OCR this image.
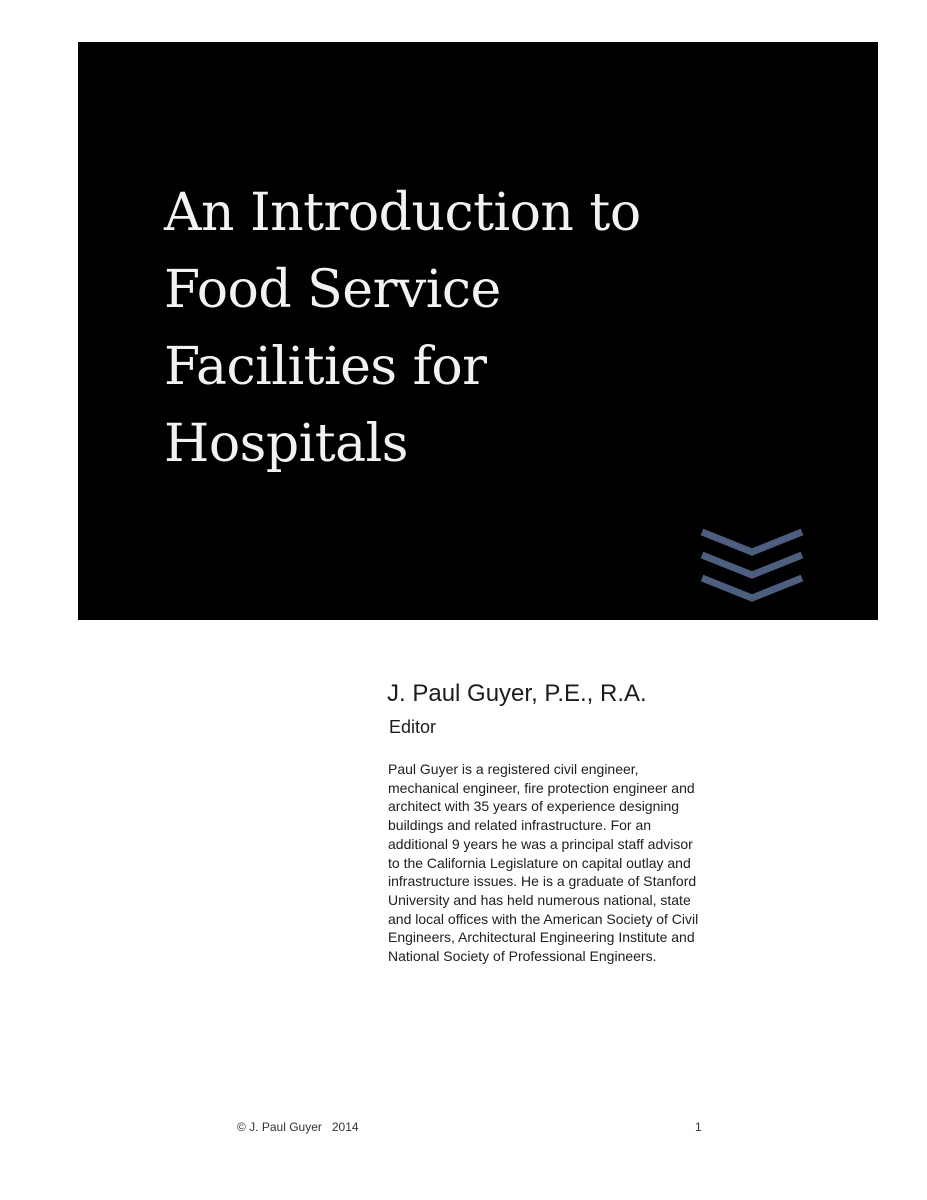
An Introduction to
Food Service
Facilities for
Hospitals
J. Paul Guyer, P.E., R.A.
Editor
Paul Guyer is a registered civil engineer,
mechanical engineer, fire protection engineer and
architect with 35 years of experience designing
buildings and related infrastructure. For an
additional 9 years he was a principal staff advisor
to the California Legislature on capital outlay and
infrastructure issues. He is a graduate of Stanford
University and has held numerous national, state
and local offices with the American Society of Civil
Engineers, Architectural Engineering Institute and
National Society of Professional Engineers.
© J. Paul Guyer   2014	1
